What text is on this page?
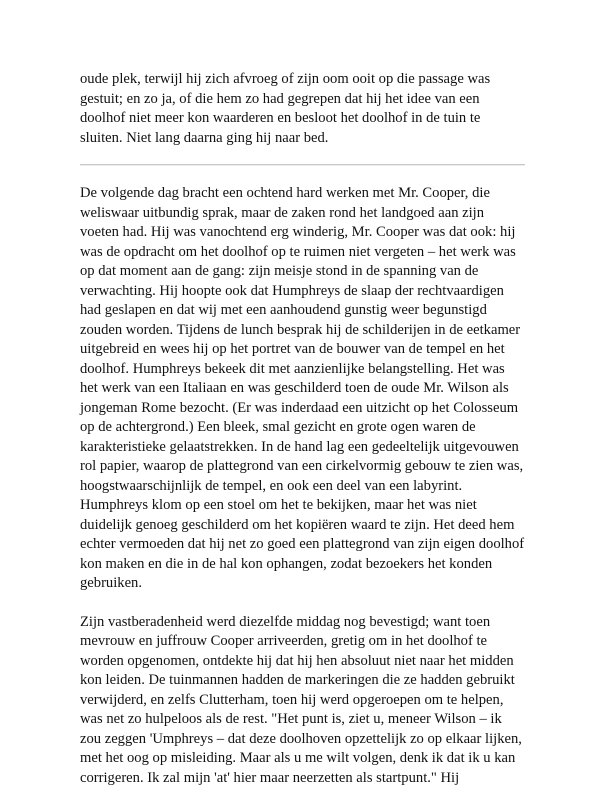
oude plek, terwijl hij zich afvroeg of zijn oom ooit op die passage was gestuit; en zo ja, of die hem zo had gegrepen dat hij het idee van een doolhof niet meer kon waarderen en besloot het doolhof in de tuin te sluiten. Niet lang daarna ging hij naar bed.

De volgende dag bracht een ochtend hard werken met Mr. Cooper, die weliswaar uitbundig sprak, maar de zaken rond het landgoed aan zijn voeten had. Hij was vanochtend erg winderig, Mr. Cooper was dat ook: hij was de opdracht om het doolhof op te ruimen niet vergeten – het werk was op dat moment aan de gang: zijn meisje stond in de spanning van de verwachting. Hij hoopte ook dat Humphreys de slaap der rechtvaardigen had geslapen en dat wij met een aanhoudend gunstig weer begunstigd zouden worden. Tijdens de lunch besprak hij de schilderijen in de eetkamer uitgebreid en wees hij op het portret van de bouwer van de tempel en het doolhof. Humphreys bekeek dit met aanzienlijke belangstelling. Het was het werk van een Italiaan en was geschilderd toen de oude Mr. Wilson als jongeman Rome bezocht. (Er was inderdaad een uitzicht op het Colosseum op de achtergrond.) Een bleek, smal gezicht en grote ogen waren de karakteristieke gelaatstrekken. In de hand lag een gedeeltelijk uitgevouwen rol papier, waarop de plattegrond van een cirkelvormig gebouw te zien was, hoogstwaarschijnlijk de tempel, en ook een deel van een labyrint. Humphreys klom op een stoel om het te bekijken, maar het was niet duidelijk genoeg geschilderd om het kopiëren waard te zijn. Het deed hem echter vermoeden dat hij net zo goed een plattegrond van zijn eigen doolhof kon maken en die in de hal kon ophangen, zodat bezoekers het konden gebruiken.

Zijn vastberadenheid werd diezelfde middag nog bevestigd; want toen mevrouw en juffrouw Cooper arriveerden, gretig om in het doolhof te worden opgenomen, ontdekte hij dat hij hen absoluut niet naar het midden kon leiden. De tuinmannen hadden de markeringen die ze hadden gebruikt verwijderd, en zelfs Clutterham, toen hij werd opgeroepen om te helpen, was net zo hulpeloos als de rest. "Het punt is, ziet u, meneer Wilson – ik zou zeggen 'Umphreys – dat deze doolhoven opzettelijk zo op elkaar lijken, met het oog op misleiding. Maar als u me wilt volgen, denk ik dat ik u kan corrigeren. Ik zal mijn 'at' hier maar neerzetten als startpunt." Hij
